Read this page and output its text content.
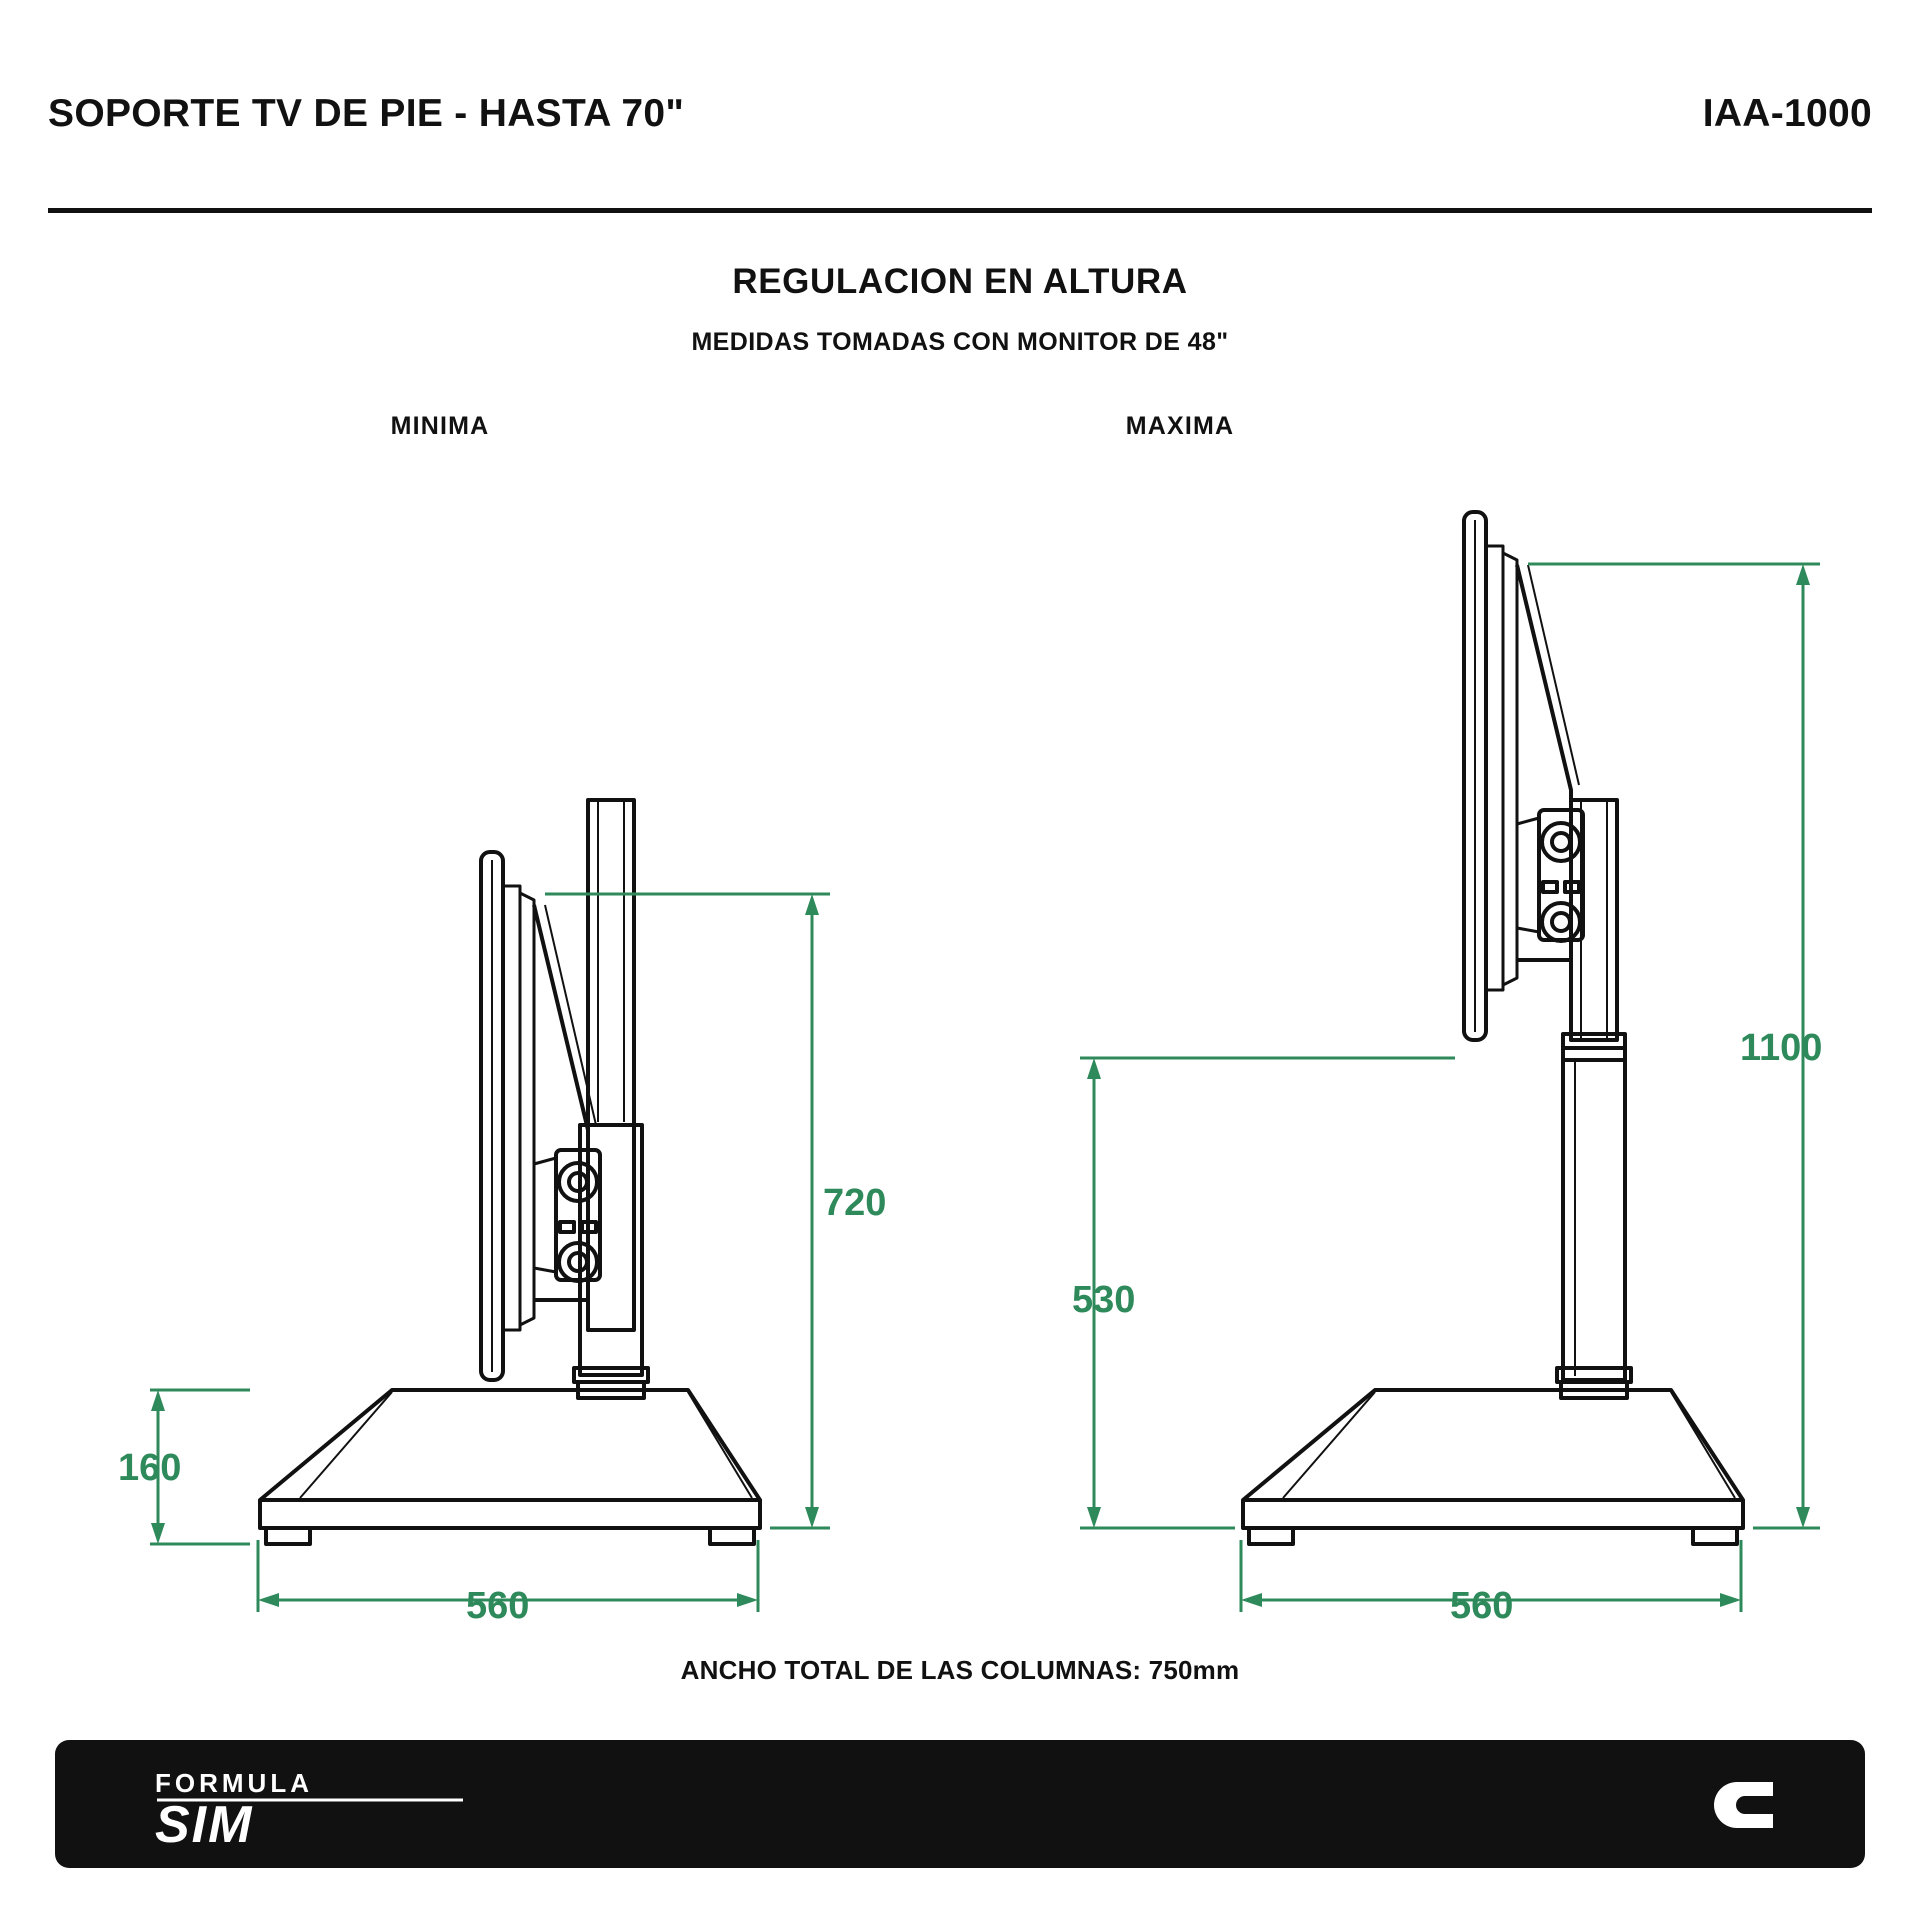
SOPORTE TV DE PIE - HASTA 70"	IAA-1000
REGULACION EN ALTURA
MEDIDAS TOMADAS CON MONITOR DE 48"
MINIMA	MAXIMA
720
160
560
1100
530
560
ANCHO TOTAL DE LAS COLUMNAS: 750mm
FORMULA
SIM
